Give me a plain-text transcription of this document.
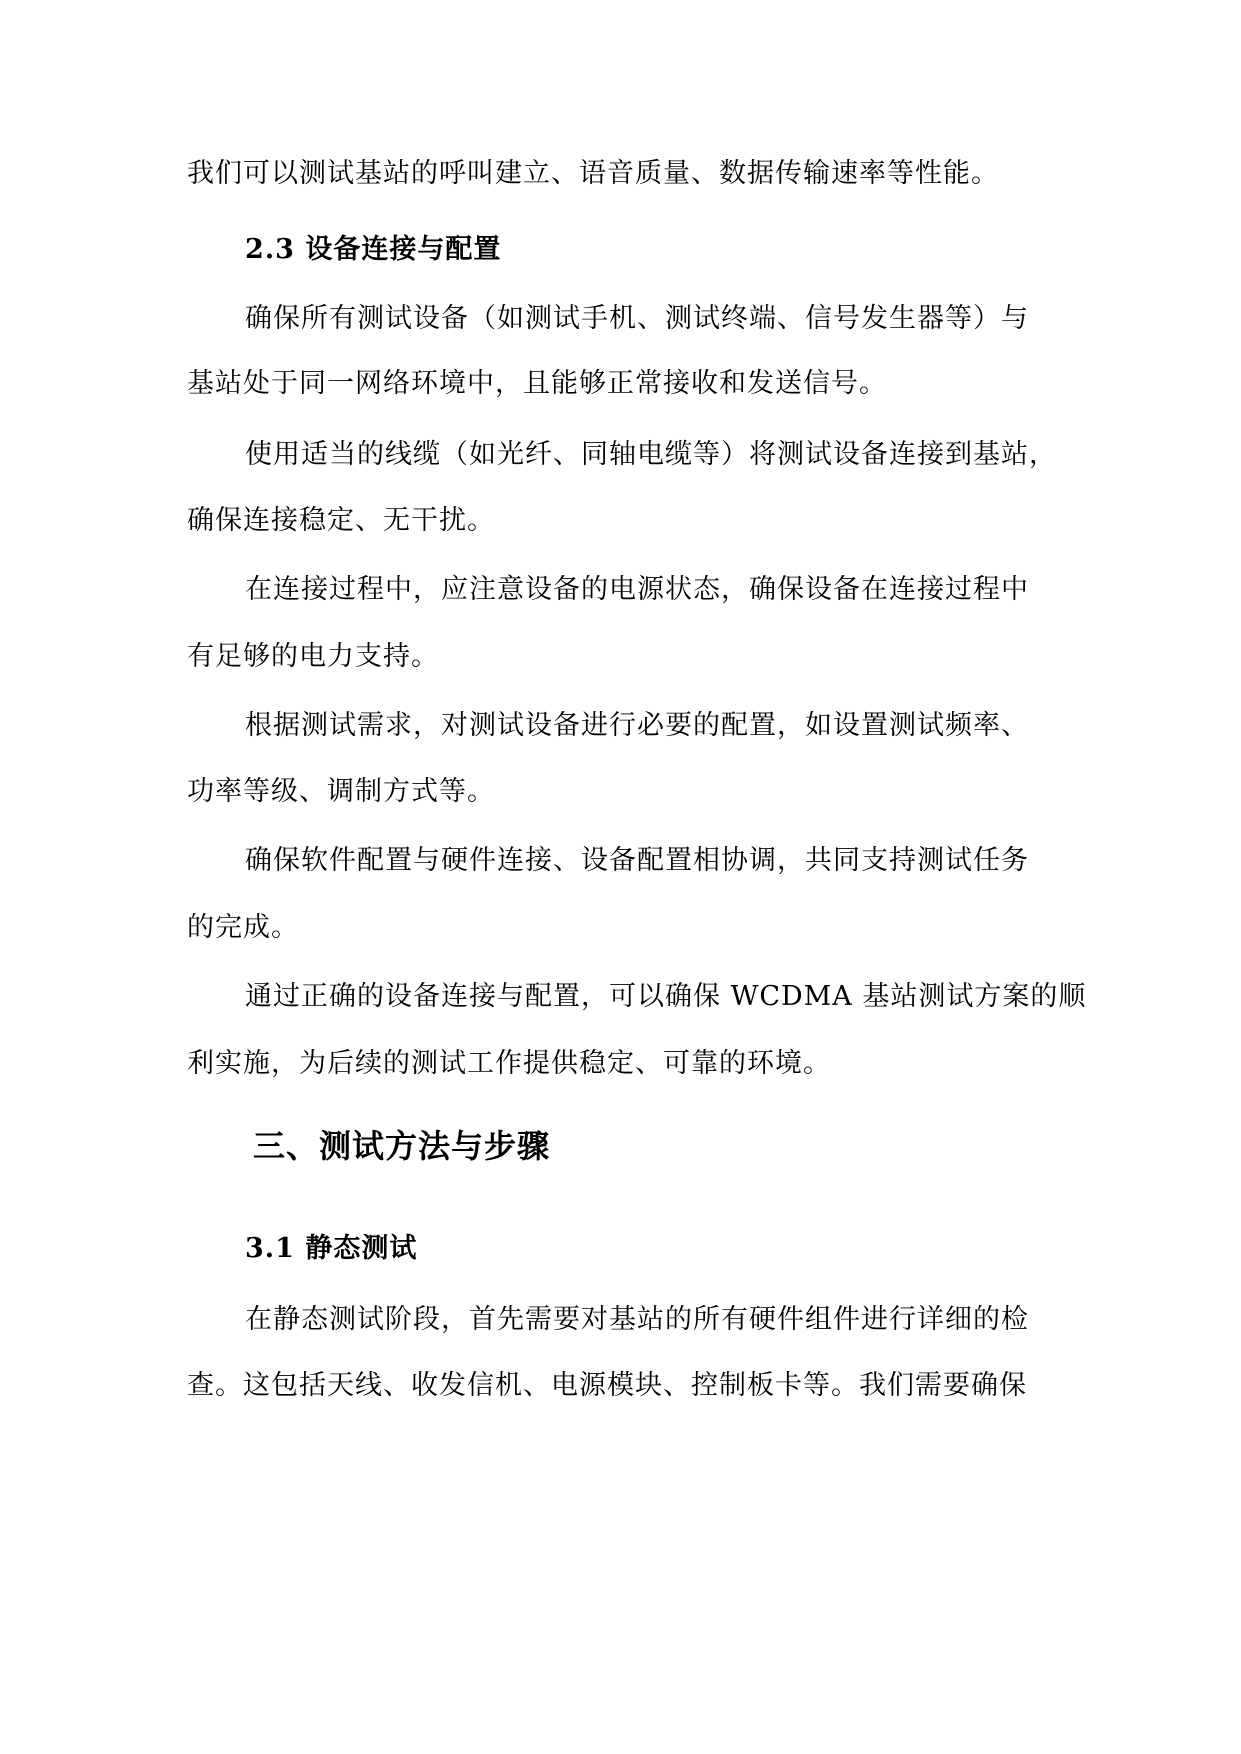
我们可以测试基站的呼叫建立、语音质量、数据传输速率等性能。
2.3 设备连接与配置
确保所有测试设备（如测试手机、测试终端、信号发生器等）与
基站处于同一网络环境中，且能够正常接收和发送信号。
使用适当的线缆（如光纤、同轴电缆等）将测试设备连接到基站，
确保连接稳定、无干扰。
在连接过程中，应注意设备的电源状态，确保设备在连接过程中
有足够的电力支持。
根据测试需求，对测试设备进行必要的配置，如设置测试频率、
功率等级、调制方式等。
确保软件配置与硬件连接、设备配置相协调，共同支持测试任务
的完成。
通过正确的设备连接与配置，可以确保 WCDMA 基站测试方案的顺
利实施，为后续的测试工作提供稳定、可靠的环境。
三、测试方法与步骤
3.1 静态测试
在静态测试阶段，首先需要对基站的所有硬件组件进行详细的检
查。这包括天线、收发信机、电源模块、控制板卡等。我们需要确保
